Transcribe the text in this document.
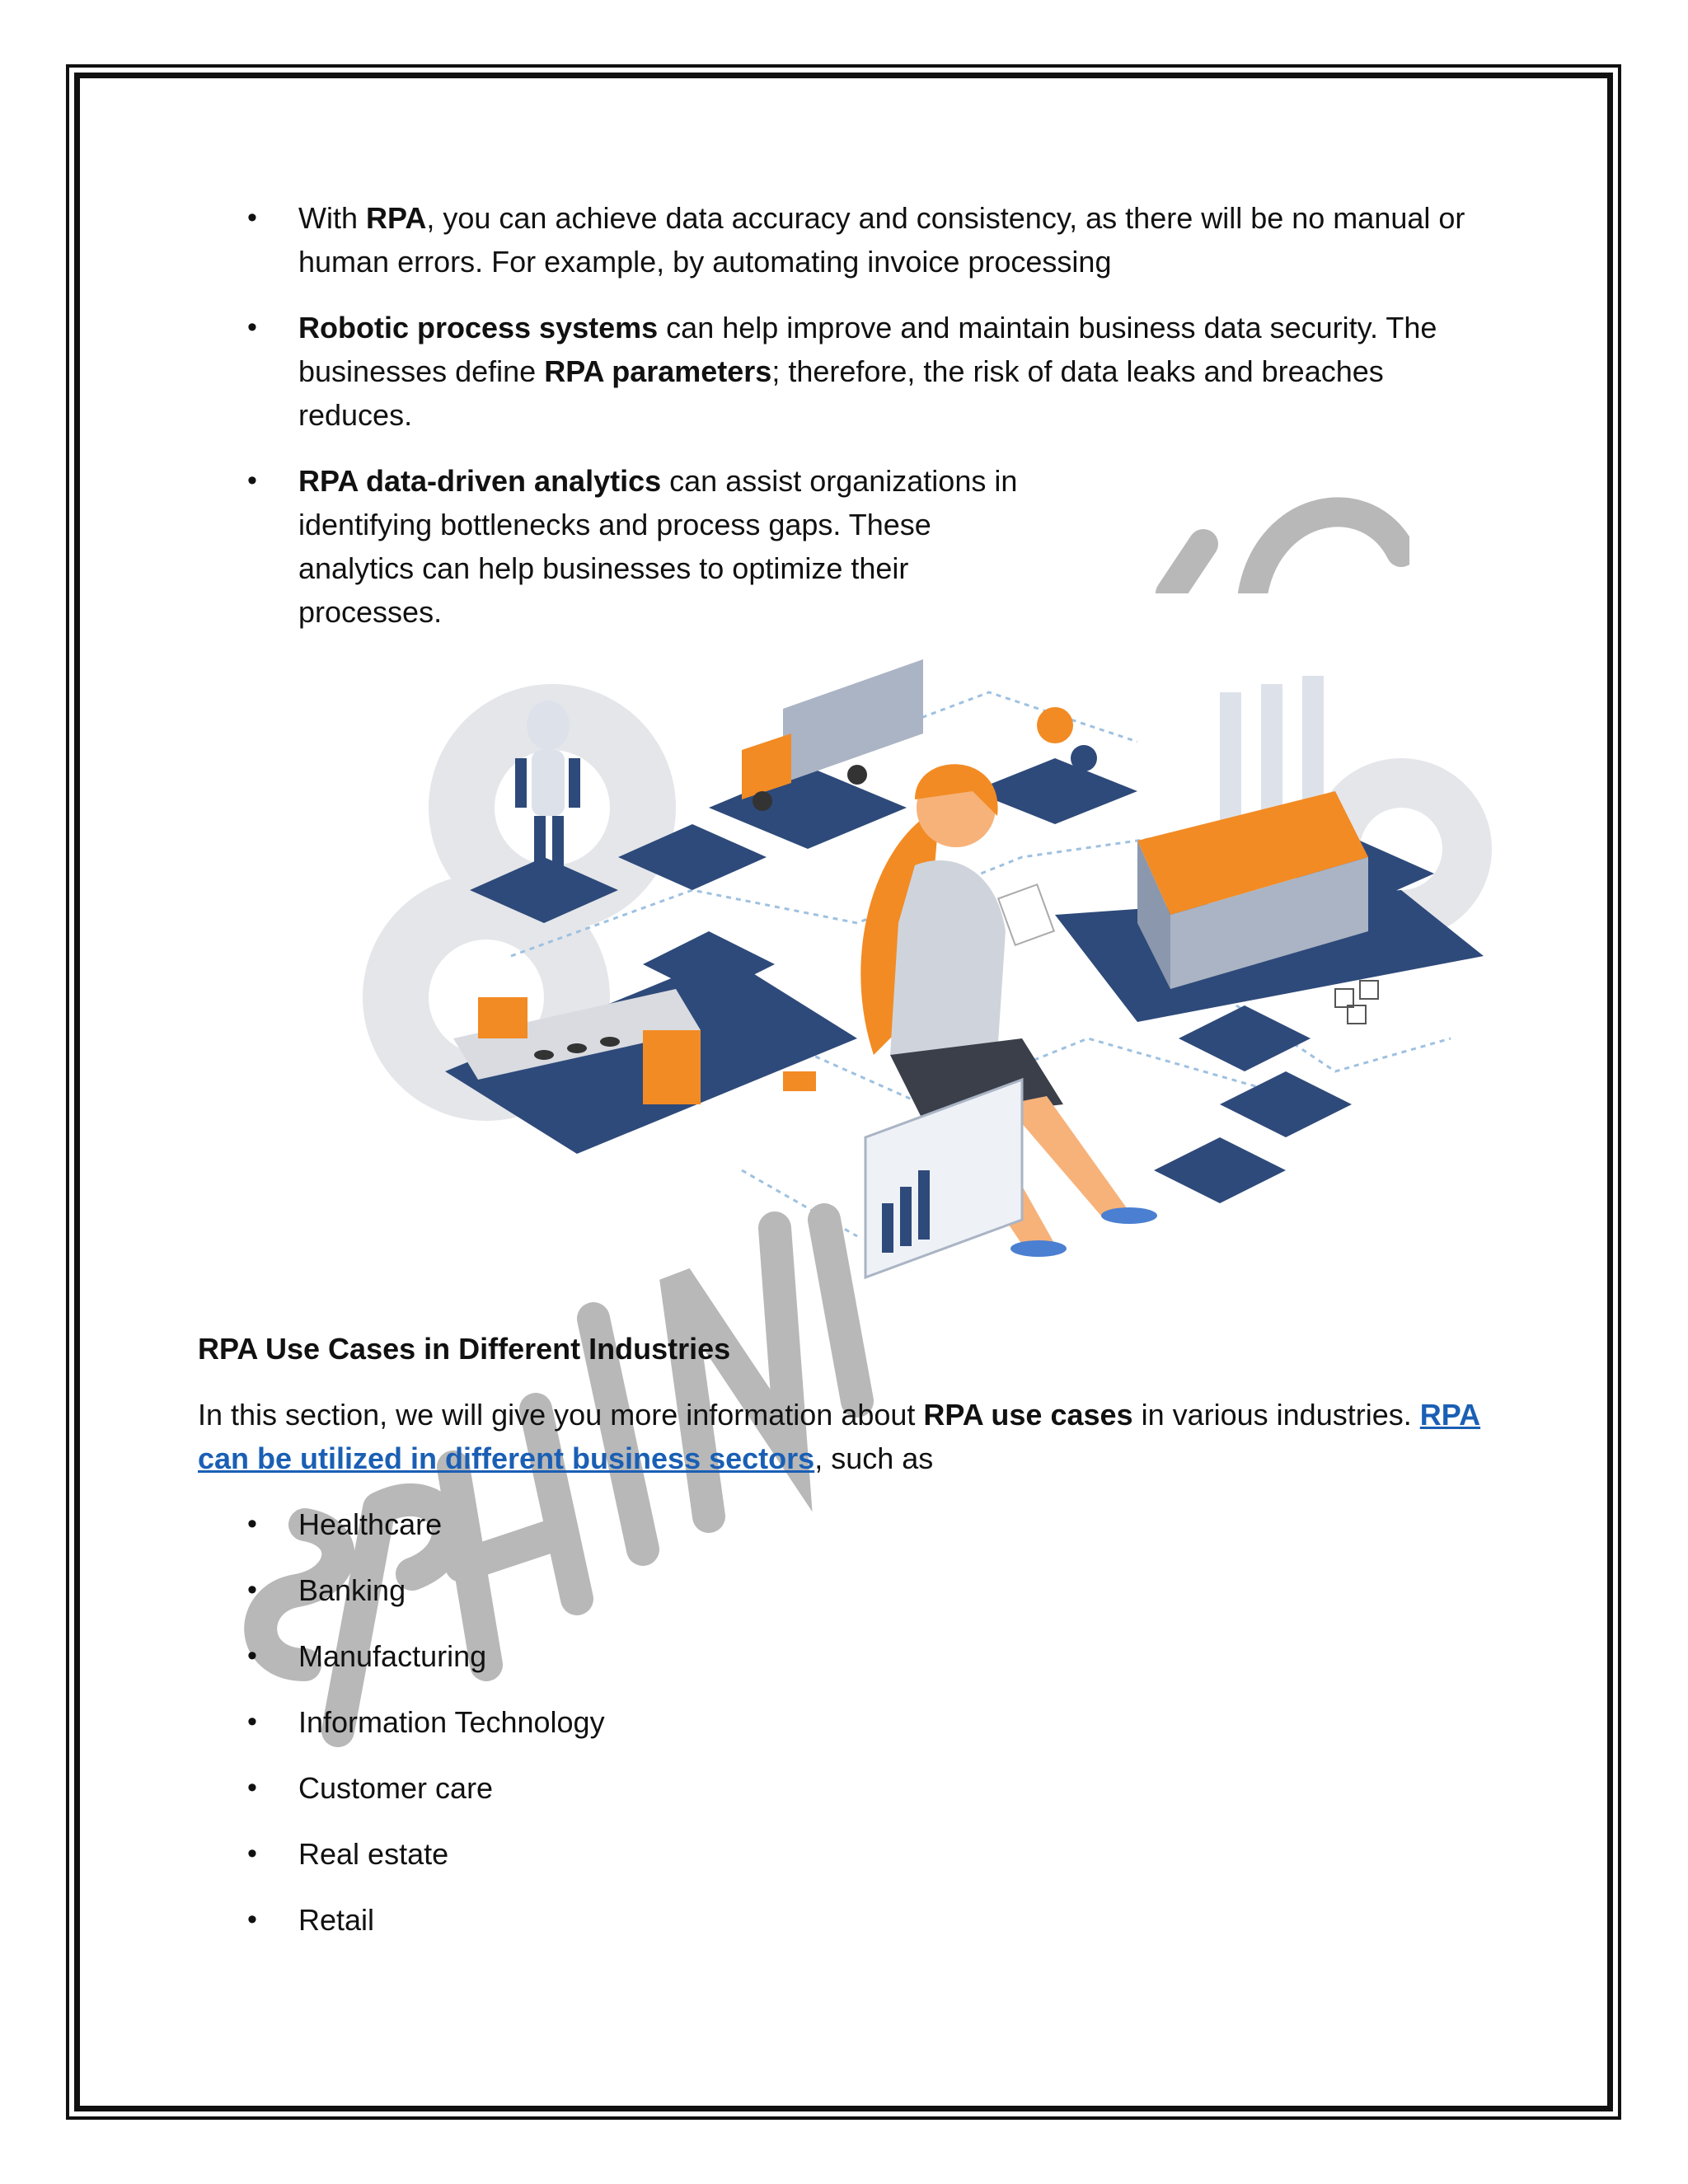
• With RPA, you can achieve data accuracy and consistency, as there will be no manual or human errors. For example, by automating invoice processing
• Robotic process systems can help improve and maintain business data security. The businesses define RPA parameters; therefore, the risk of data leaks and breaches reduces.
• RPA data-driven analytics can assist organizations in identifying bottlenecks and process gaps. These analytics can help businesses to optimize their processes.
RPA Use Cases in Different Industries

In this section, we will give you more information about RPA use cases in various industries. RPA can be utilized in different business sectors, such as

• Healthcare
• Banking
• Manufacturing
• Information Technology
• Customer care
• Real estate
• Retail
